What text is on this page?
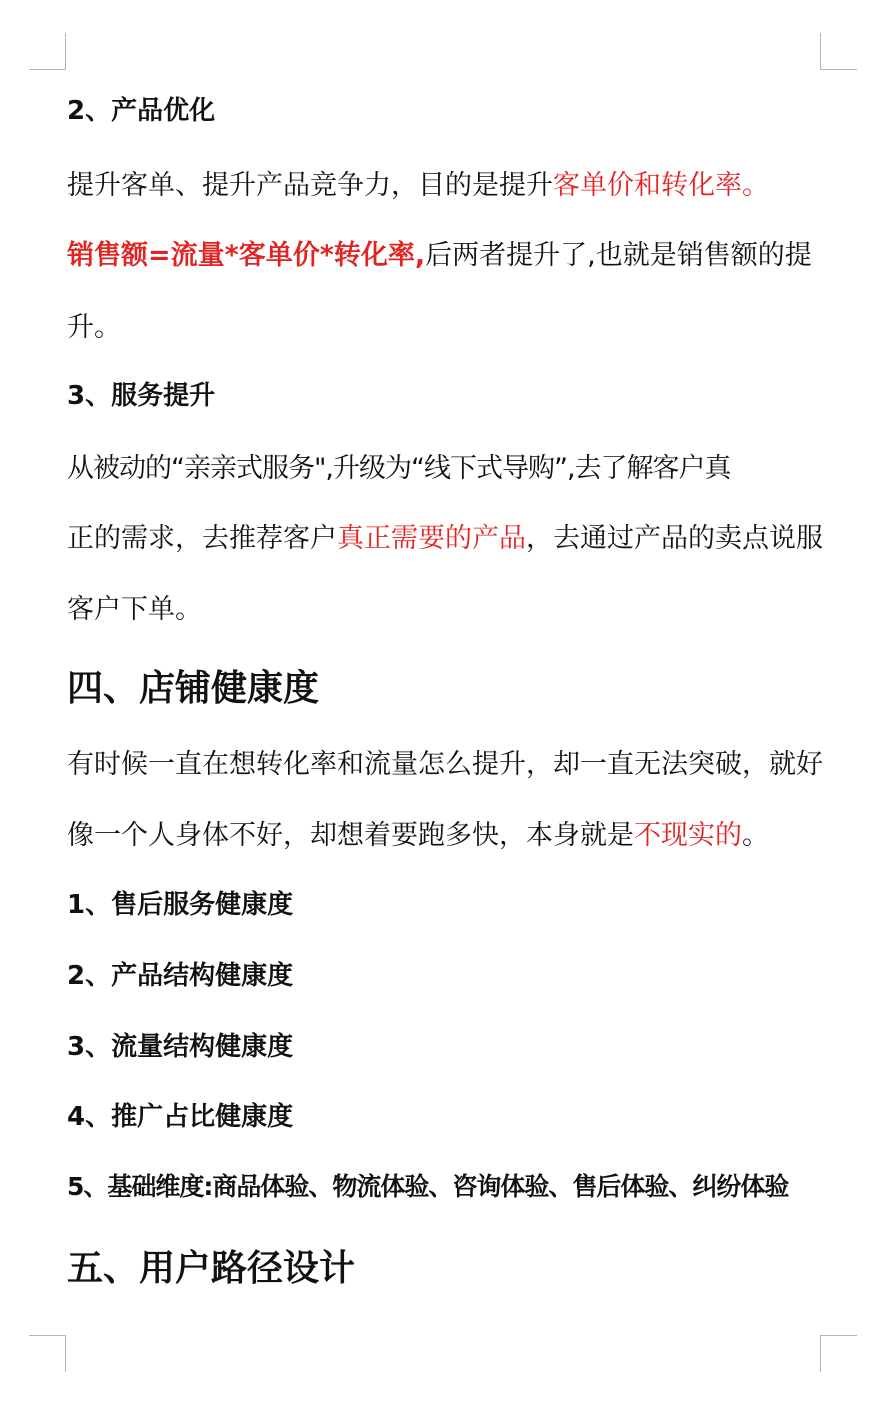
2、产品优化
提升客单、提升产品竞争力，目的是提升客单价和转化率。
销售额=流量*客单价*转化率,后两者提升了,也就是销售额的提
升。
3、服务提升
从被动的“亲亲式服务",升级为“线下式导购”,去了解客户真
正的需求，去推荐客户真正需要的产品，去通过产品的卖点说服
客户下单。
四、店铺健康度
有时候一直在想转化率和流量怎么提升，却一直无法突破，就好
像一个人身体不好，却想着要跑多快，本身就是不现实的。
1、售后服务健康度
2、产品结构健康度
3、流量结构健康度
4、推广占比健康度
5、基础维度:商品体验、物流体验、咨询体验、售后体验、纠纷体验
五、用户路径设计
